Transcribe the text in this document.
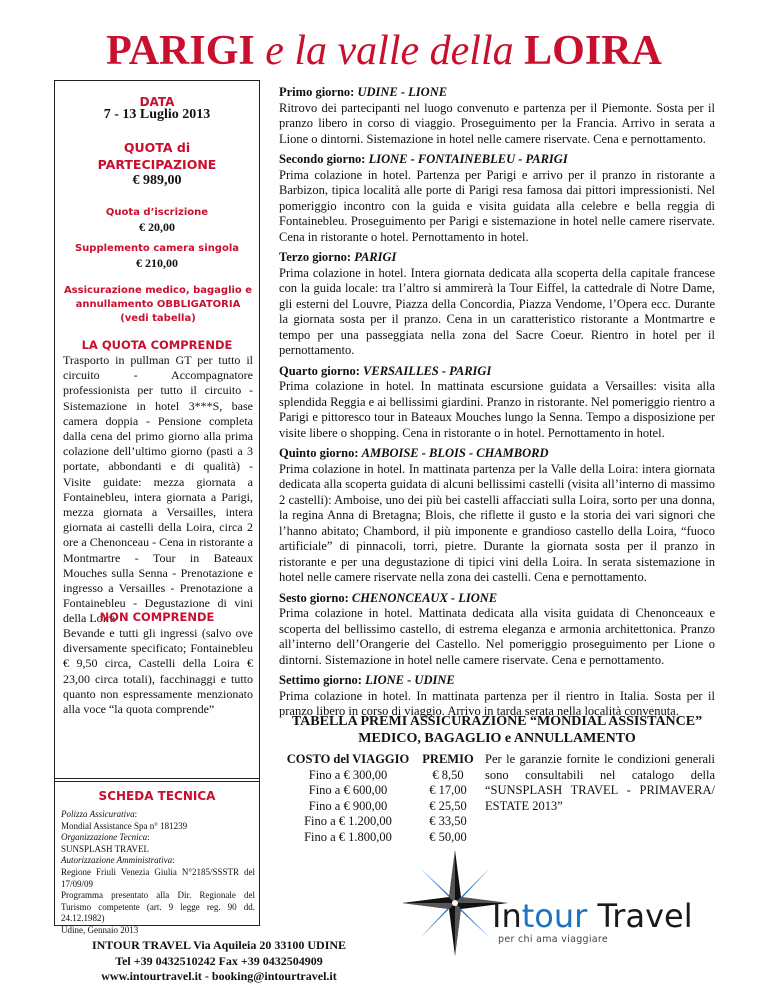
PARIGI e la valle della LOIRA
DATA
7 - 13 Luglio 2013
QUOTA di
PARTECIPAZIONE
€ 989,00
Quota d’iscrizione
€ 20,00
Supplemento camera singola
€ 210,00
Assicurazione medico, bagaglio e
annullamento OBBLIGATORIA
(vedi tabella)
LA QUOTA COMPRENDE
Trasporto in pullman GT per tutto il circuito - Accompagnatore professionista per tutto il circuito - Sistemazione in hotel 3***S, base camera doppia - Pensione completa dalla cena del primo giorno alla prima colazione dell’ultimo giorno (pasti a 3 portate, abbondanti e di qualità) - Visite guidate: mezza giornata a Fontainebleu, intera giornata a Parigi, mezza giornata a Versailles, intera giornata ai castelli della Loira, circa 2 ore a Chenonceau - Cena in ristorante a Montmartre - Tour in Bateaux Mouches sulla Senna - Prenotazione e ingresso a Versailles - Prenotazione a Fontainebleu - Degustazione di vini della Loira
NON COMPRENDE
Bevande e tutti gli ingressi (salvo ove diversamente specificato; Fontainebleu € 9,50 circa, Castelli della Loira € 23,00 circa totali), facchinaggi e tutto quanto non espressamente menzionato alla voce “la quota comprende”
SCHEDA TECNICA
Polizza Assicurativa:
Mondial Assistance Spa n° 181239
Organizzazione Tecnica:
SUNSPLASH TRAVEL
Autorizzazione Amministrativa:
Regione Friuli Venezia Giulia N°2185/SSSTR del 17/09/09
Programma presentato alla Dir. Regionale del Turismo competente (art. 9 legge reg. 90 dd. 24.12.1982)
Udine, Gennaio 2013
Primo giorno: UDINE - LIONE

Ritrovo dei partecipanti nel luogo convenuto e partenza per il Piemonte. Sosta per il pranzo libero in corso di viaggio. Proseguimento per la Francia. Arrivo in serata a Lione o dintorni. Sistemazione in hotel nelle camere riservate. Cena e pernottamento.

Secondo giorno: LIONE - FONTAINEBLEU - PARIGI

Prima colazione in hotel. Partenza per Parigi e arrivo per il pranzo in ristorante a Barbizon, tipica località alle porte di Parigi resa famosa dai pittori impressionisti. Nel pomeriggio incontro con la guida e visita guidata alla celebre e bella reggia di Fontainebleu. Proseguimento per Parigi e sistemazione in hotel nelle camere riservate. Cena in ristorante o hotel. Pernottamento in hotel.

Terzo giorno: PARIGI

Prima colazione in hotel. Intera giornata dedicata alla scoperta della capitale francese con la guida locale: tra l’altro si ammirerà la Tour Eiffel, la cattedrale di Notre Dame, gli esterni del Louvre, Piazza della Concordia, Piazza Vendome, l’Opera ecc. Durante la giornata sosta per il pranzo. Cena in un caratteristico ristorante a Montmartre e tempo per una passeggiata nella zona del Sacre Coeur. Rientro in hotel per il pernottamento.

Quarto giorno: VERSAILLES - PARIGI

Prima colazione in hotel. In mattinata escursione guidata a Versailles: visita alla splendida Reggia e ai bellissimi giardini. Pranzo in ristorante. Nel pomeriggio rientro a Parigi e pittoresco tour in Bateaux Mouches lungo la Senna. Tempo a disposizione per visite libere o shopping. Cena in ristorante o in hotel. Pernottamento in hotel.

Quinto giorno: AMBOISE - BLOIS - CHAMBORD

Prima colazione in hotel. In mattinata partenza per la Valle della Loira: intera giornata dedicata alla scoperta guidata di alcuni bellissimi castelli (visita all’interno di massimo 2 castelli): Amboise, uno dei più bei castelli affacciati sulla Loira, sorto per una donna, la regina Anna di Bretagna; Blois, che riflette il gusto e la storia dei vari signori che l’hanno abitato; Chambord, il più imponente e grandioso castello della Loira, “fuoco artificiale” di pinnacoli, torri, pietre. Durante la giornata sosta per il pranzo in ristorante e per una degustazione di tipici vini della Loira. In serata sistemazione in hotel nelle camere riservate nella zona dei castelli. Cena e pernottamento.

Sesto giorno: CHENONCEAUX - LIONE

Prima colazione in hotel. Mattinata dedicata alla visita guidata di Chenonceaux e scoperta del bellissimo castello, di estrema eleganza e armonia architettonica. Pranzo all’interno dell’Orangerie del Castello. Nel pomeriggio proseguimento per Lione o dintorni. Sistemazione in hotel nelle camere riservate. Cena e pernottamento.

Settimo giorno: LIONE - UDINE

Prima colazione in hotel. In mattinata partenza per il rientro in Italia. Sosta per il pranzo libero in corso di viaggio. Arrivo in tarda serata nella località convenuta.

TABELLA PREMI ASSICURAZIONE “MONDIAL ASSISTANCE”
MEDICO, BAGAGLIO e ANNULLAMENTO
COSTO del VIAGGIO
Fino a € 300,00
Fino a € 600,00
Fino a € 900,00
Fino a € 1.200,00
Fino a € 1.800,00
PREMIO
€ 8,50
€ 17,00
€ 25,50
€ 33,50
€ 50,00
Per le garanzie fornite le condizioni generali sono consultabili nel catalogo della “SUNSPLASH TRAVEL - PRIMAVERA/ ESTATE 2013”
Intour Travel
per chi ama viaggiare
INTOUR TRAVEL Via Aquileia 20 33100 UDINE
Tel +39 0432510242 Fax +39 0432504909
www.intourtravel.it - booking@intourtravel.it
